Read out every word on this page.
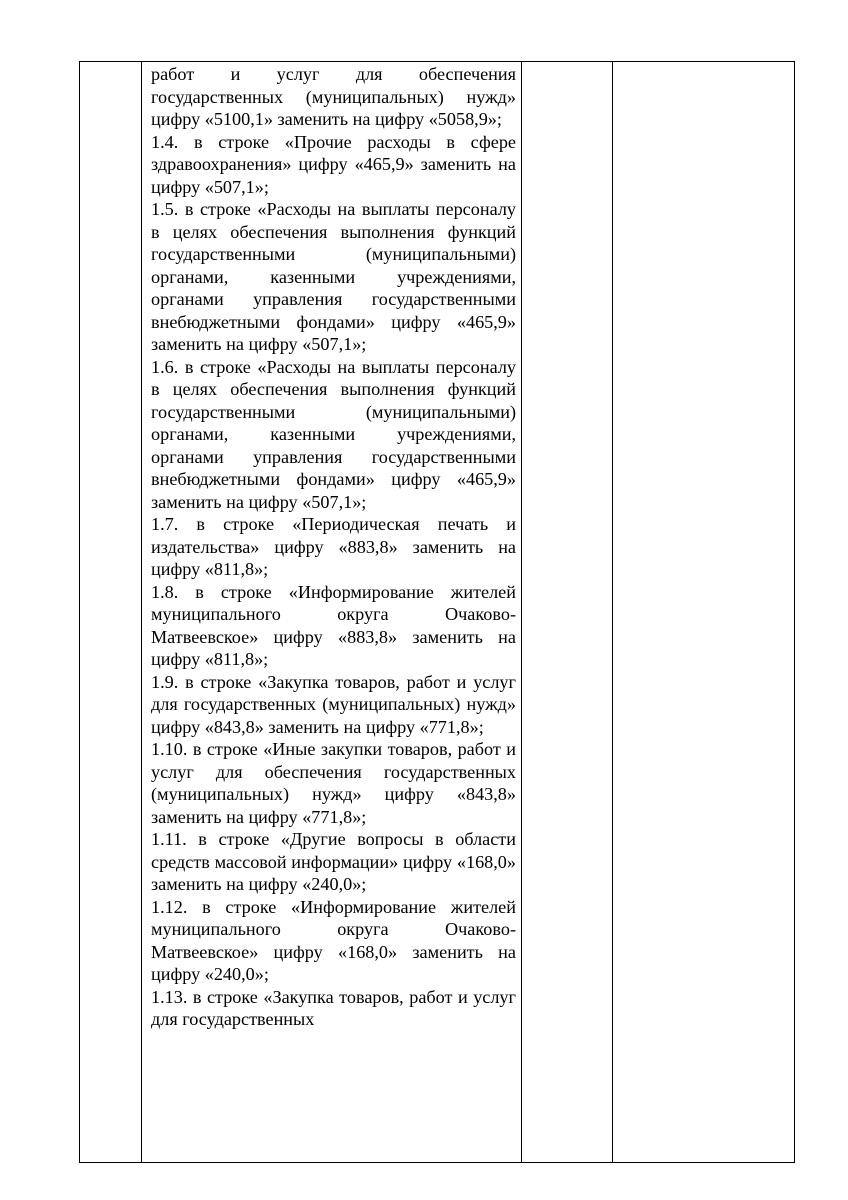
работ и услуг для обеспечения государственных (муниципальных) нужд» цифру «5100,1» заменить на цифру «5058,9»;

1.4. в строке «Прочие расходы в сфере здравоохранения» цифру «465,9» заменить на цифру «507,1»;

1.5. в строке «Расходы на выплаты персоналу в целях обеспечения выполнения функций государственными (муниципальными) органами, казенными учреждениями, органами управления государственными внебюджетными фондами» цифру «465,9» заменить на цифру «507,1»;

1.6. в строке «Расходы на выплаты персоналу в целях обеспечения выполнения функций государственными (муниципальными) органами, казенными учреждениями, органами управления государственными внебюджетными фондами» цифру «465,9» заменить на цифру «507,1»;

1.7. в строке «Периодическая печать и издательства» цифру «883,8» заменить на цифру «811,8»;

1.8. в строке «Информирование жителей муниципального округа Очаково-Матвеевское» цифру «883,8» заменить на цифру «811,8»;

1.9. в строке «Закупка товаров, работ и услуг для государственных (муниципальных) нужд» цифру «843,8» заменить на цифру «771,8»;

1.10. в строке «Иные закупки товаров, работ и услуг для обеспечения государственных (муниципальных) нужд» цифру «843,8» заменить на цифру «771,8»;

1.11. в строке «Другие вопросы в области средств массовой информации» цифру «168,0» заменить на цифру «240,0»;

1.12. в строке «Информирование жителей муниципального округа Очаково-Матвеевское» цифру «168,0» заменить на цифру «240,0»;

1.13. в строке «Закупка товаров, работ и услуг для государственных
